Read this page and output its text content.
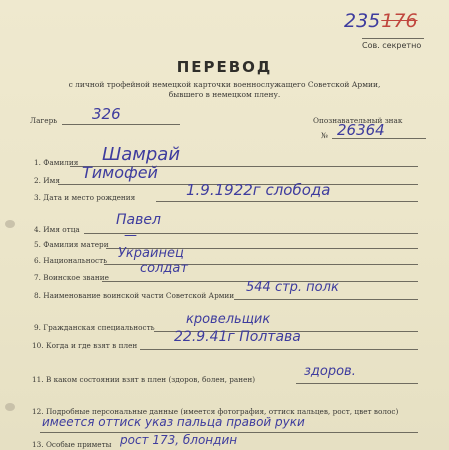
235176
Сов. секретно
ПЕРЕВОД
с личной трофейной немецкой карточки военнослужащего Советской Армии,
бывшего в немецком плену.
Лагерь 326	Опознавательный знак
№ 26364
1. Фамилия Шамрай
2. Имя Тимофей
3. Дата и место рождения	1.9.1922г слобода
4. Имя отца
Павел
5. Фамилия матери
—
6. Национальность Украинец
7. Воинское звание
солдат
8. Наименование воинской части Советской Армии
544 стр. полк
9. Гражданская специальность
кровельщик
10. Когда и где взят в плен
22.9.41г Полтава
11. В каком состоянии взят в плен (здоров, болен, ранен)
здоров.
12. Подробные персональные данные (имеется фотография, оттиск пальцев, рост, цвет волос)
имеется оттиск указ пальца правой руки
13. Особые приметы рост 173, блондин
